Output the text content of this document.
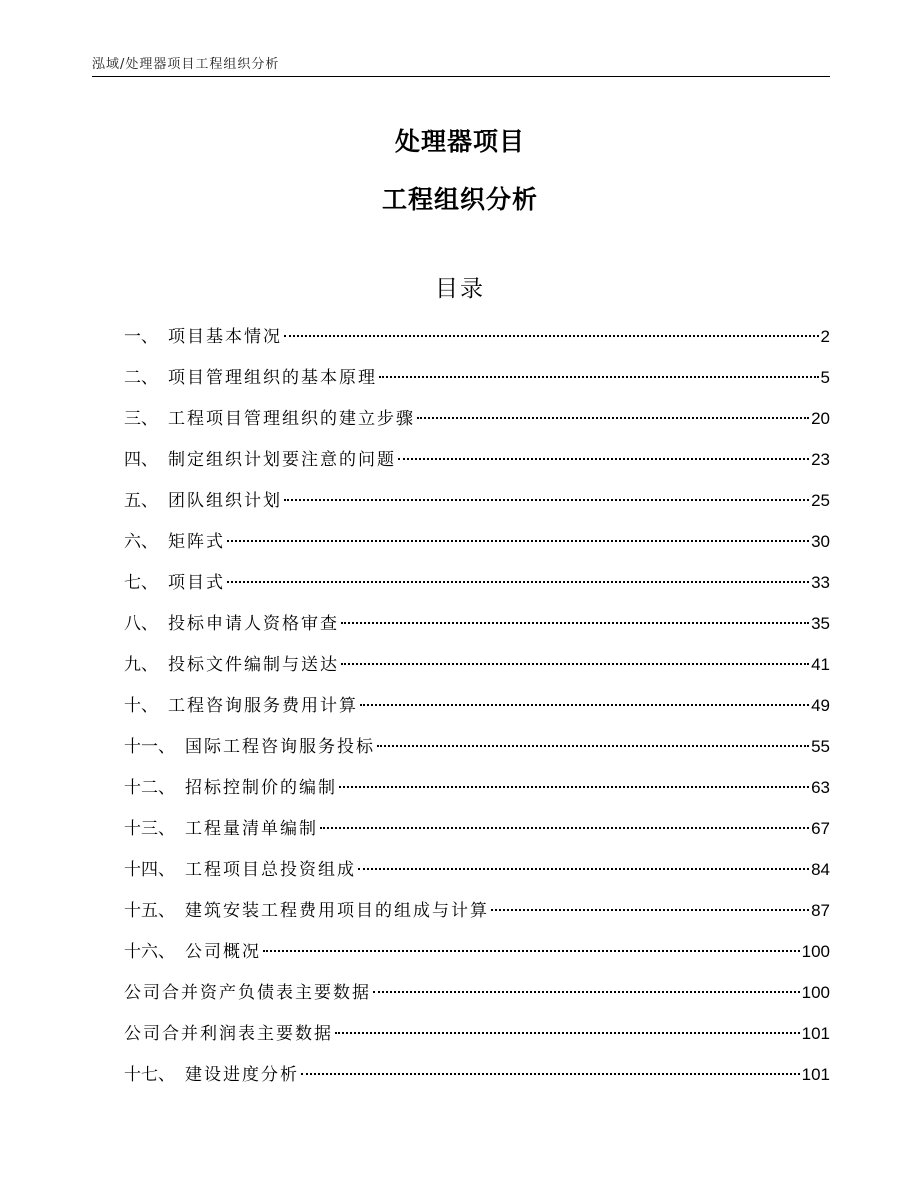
泓域/处理器项目工程组织分析
处理器项目
工程组织分析
目录
一、 项目基本情况	2
二、 项目管理组织的基本原理	5
三、 工程项目管理组织的建立步骤	20
四、 制定组织计划要注意的问题	23
五、 团队组织计划	25
六、 矩阵式	30
七、 项目式	33
八、 投标申请人资格审查	35
九、 投标文件编制与送达	41
十、 工程咨询服务费用计算	49
十一、 国际工程咨询服务投标	55
十二、 招标控制价的编制	63
十三、 工程量清单编制	67
十四、 工程项目总投资组成	84
十五、 建筑安装工程费用项目的组成与计算	87
十六、 公司概况	100
公司合并资产负债表主要数据	100
公司合并利润表主要数据	101
十七、 建设进度分析	101
